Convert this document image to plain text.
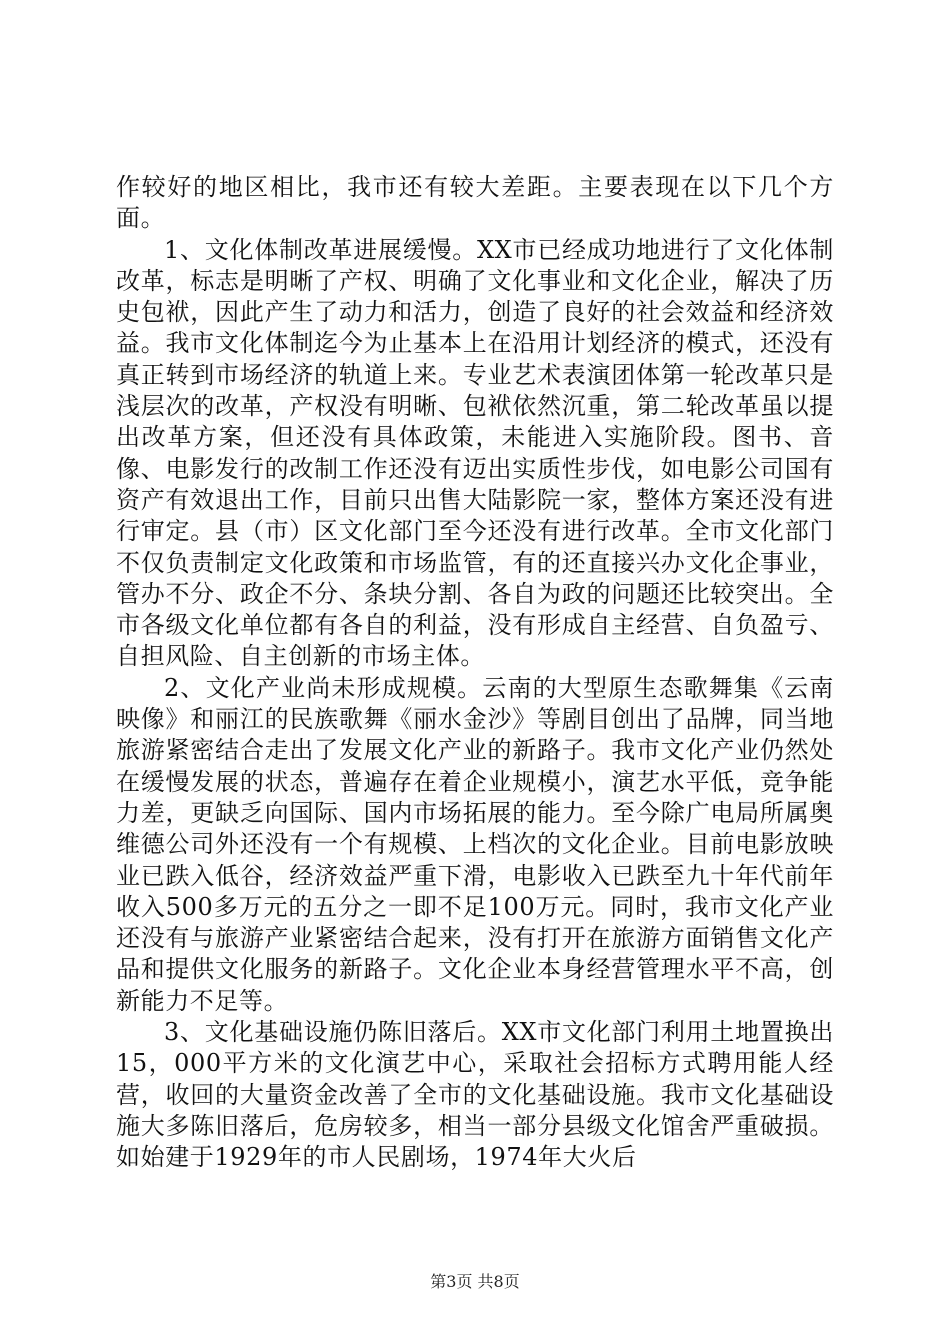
作较好的地区相比，我市还有较大差距。主要表现在以下几个方面。

1、文化体制改革进展缓慢。XX市已经成功地进行了文化体制改革，标志是明晰了产权、明确了文化事业和文化企业，解决了历史包袱，因此产生了动力和活力，创造了良好的社会效益和经济效益。我市文化体制迄今为止基本上在沿用计划经济的模式，还没有真正转到市场经济的轨道上来。专业艺术表演团体第一轮改革只是浅层次的改革，产权没有明晰、包袱依然沉重，第二轮改革虽以提出改革方案，但还没有具体政策，未能进入实施阶段。图书、音像、电影发行的改制工作还没有迈出实质性步伐，如电影公司国有资产有效退出工作，目前只出售大陆影院一家，整体方案还没有进行审定。县（市）区文化部门至今还没有进行改革。全市文化部门不仅负责制定文化政策和市场监管，有的还直接兴办文化企事业，管办不分、政企不分、条块分割、各自为政的问题还比较突出。全市各级文化单位都有各自的利益，没有形成自主经营、自负盈亏、自担风险、自主创新的市场主体。

2、文化产业尚未形成规模。云南的大型原生态歌舞集《云南映像》和丽江的民族歌舞《丽水金沙》等剧目创出了品牌，同当地旅游紧密结合走出了发展文化产业的新路子。我市文化产业仍然处在缓慢发展的状态，普遍存在着企业规模小，演艺水平低，竞争能力差，更缺乏向国际、国内市场拓展的能力。至今除广电局所属奥维德公司外还没有一个有规模、上档次的文化企业。目前电影放映业已跌入低谷，经济效益严重下滑，电影收入已跌至九十年代前年收入500多万元的五分之一即不足100万元。同时，我市文化产业还没有与旅游产业紧密结合起来，没有打开在旅游方面销售文化产品和提供文化服务的新路子。文化企业本身经营管理水平不高，创新能力不足等。

3、文化基础设施仍陈旧落后。XX市文化部门利用土地置换出15，000平方米的文化演艺中心，采取社会招标方式聘用能人经营，收回的大量资金改善了全市的文化基础设施。我市文化基础设施大多陈旧落后，危房较多，相当一部分县级文化馆舍严重破损。如始建于1929年的市人民剧场，1974年大火后

第3页 共8页
